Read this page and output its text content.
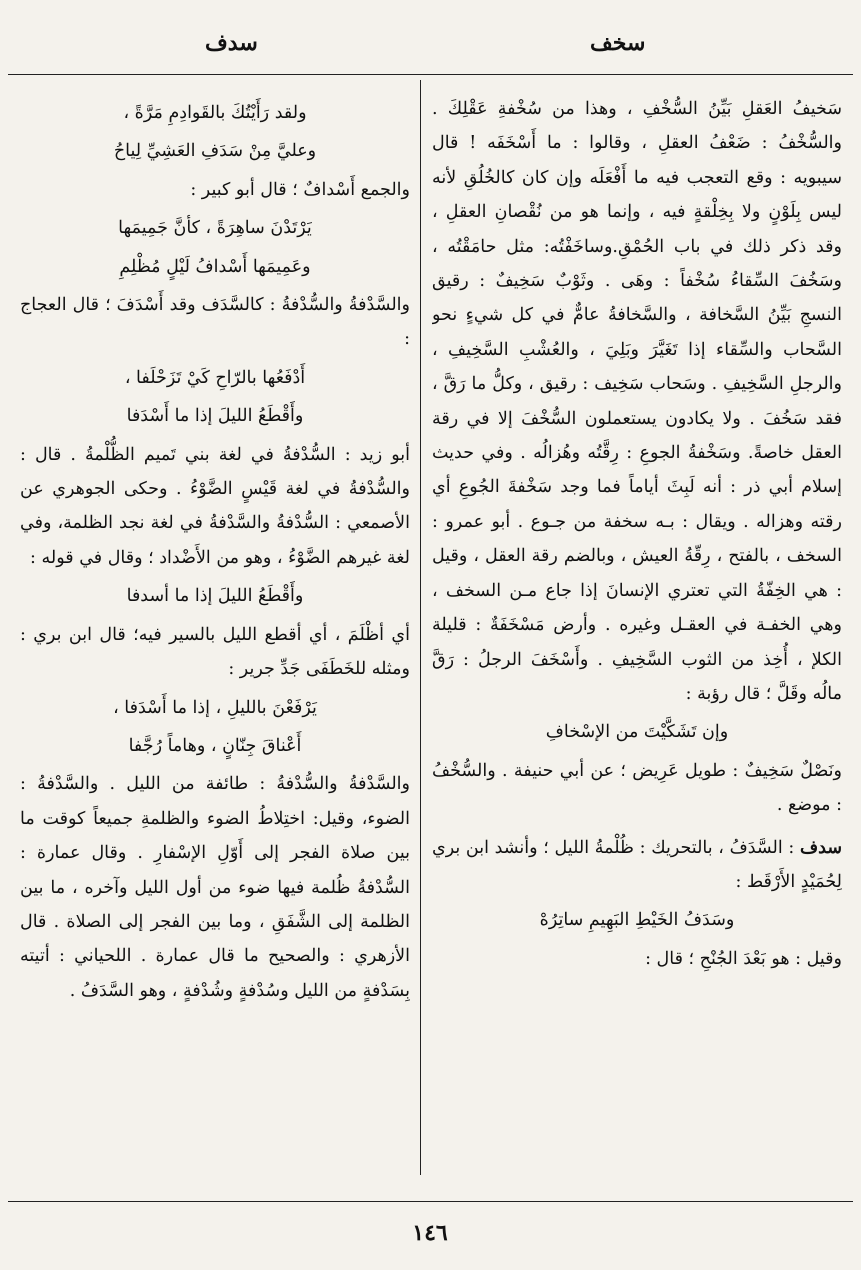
سخف
سدف

سَخيفُ العَقلِ بَيِّنُ السُّخْفِ ، وهذا من سُخْفةِ عَقْلِكَ . والسُّخْفُ : ضَعْفُ العقلِ ، وقالوا : ما أَسْخَفَه ! قال سيبويه : وقع التعجب فيه ما أَفْعَلَه وإن كان كالخُلُقِ لأنه ليس بِلَوْنٍ ولا بِخِلْقةٍ فيه ، وإنما هو من نُقْصانِ العقلِ ، وقد ذكر ذلك في باب الحُمْقِ.وساخَفْتُه: مثل حامَقْتُه ، وسَخُفَ السِّقاءُ سُخْفاً : وهَى . وثَوْبٌ سَخِيفٌ : رقيق النسجِ بَيِّنُ السَّخافة ، والسَّخافةُ عامٌّ في كل شيءٍ نحو السَّحاب والسِّقاء إذا تَغَيَّرَ وبَلِيَ ، والعُشْبِ السَّخِيفِ ، والرجلِ السَّخِيفِ . وسَحاب سَخِيف : رقيق ، وكلُّ ما رَقَّ ، فقد سَخُفَ . ولا يكادون يستعملون السُّخْفَ إلا في رقة العقل خاصةً. وسَخْفةُ الجوعِ : رِقَّتُه وهُزالُه . وفي حديث إسلام أبي ذر : أنه لَبِثَ أياماً فما وجد سَخْفةَ الجُوعِ أي رقته وهزاله . ويقال : بـه سخفة من جـوع . أبو عمرو : السخف ، بالفتح ، رِقّةُ العيش ، وبالضم رقة العقل ، وقيل : هي الخِفّةُ التي تعتري الإنسانَ إذا جاع مـن السخف ، وهي الخفـة في العقـل وغيره . وأرض مَسْخَفَةٌ : قليلة الكلإ ، أُخِذ من الثوب السَّخِيفِ . وأَسْخَفَ الرجلُ : رَقَّ مالُه وقَلَّ ؛ قال رؤبة :

وإن تَشَكَّيْتَ من الإسْخافِ

ونَصْلٌ سَخِيفٌ : طويل عَرِيض ؛ عن أبي حنيفة . والسُّخْفُ : موضع .

سدف : السَّدَفُ ، بالتحريك : ظُلْمةُ الليل ؛ وأنشد ابن بري لِحُمَيْدٍ الأَرْقَط :

وسَدَفُ الخَيْطِ البَهِيمِ ساتِرُهْ

وقيل : هو بَعْدَ الجُنْحِ ؛ قال :

ولقد رَأَيْتُكَ بالقَوادِمِ مَرَّةً ،

وعليَّ مِنْ سَدَفِ العَشِيِّ لِياحُ

والجمع أَسْدافٌ ؛ قال أبو كبير :

يَرْتَدْنَ ساهِرَةً ، كأنَّ جَمِيمَها

وعَمِيمَها أَسْدافُ لَيْلٍ مُظْلِمِ

والسَّدْفةُ والسُّدْفةُ : كالسَّدَف وقد أَسْدَفَ ؛ قال العجاج :

أَدْفَعُها بالرّاحِ كَيْ تَزَحْلَفا ،

وأَقْطَعُ الليلَ إذا ما أَسْدَفا

أبو زيد : السُّدْفةُ في لغة بني تَميم الظُّلْمةُ . قال : والسُّدْفةُ في لغة قَيْسٍ الضَّوْءُ . وحكى الجوهري عن الأصمعي : السُّدْفةُ والسَّدْفةُ في لغة نجد الظلمة، وفي لغة غيرهم الضَّوْءُ ، وهو من الأَضْداد ؛ وقال في قوله :

وأَقْطَعُ الليلَ إذا ما أسدفا

أي أظْلَمَ ، أي أقطع الليل بالسير فيه؛ قال ابن بري : ومثله للخَطَفَى جَدِّ جرير :

يَرْفَعْنَ بالليلِ ، إذا ما أَسْدَفا ،

أَعْناقَ جِنّانٍ ، وهاماً رُجَّفا

والسَّدْفةُ والسُّدْفةُ : طائفة من الليل . والسَّدْفةُ : الضوء، وقيل: اختِلاطُ الضوء والظلمةِ جميعاً كوقت ما بين صلاة الفجر إلى أَوّلِ الإسْفارِ . وقال عمارة : السُّدْفةُ ظُلمة فيها ضوء من أول الليل وآخره ، ما بين الظلمة إلى الشَّفَقِ ، وما بين الفجر إلى الصلاة . قال الأزهري : والصحيح ما قال عمارة . اللحياني : أتيته بِسَدْفةٍ من الليل وسُدْفةٍ وشُدْفةٍ ، وهو السَّدَفُ .

١٤٦
